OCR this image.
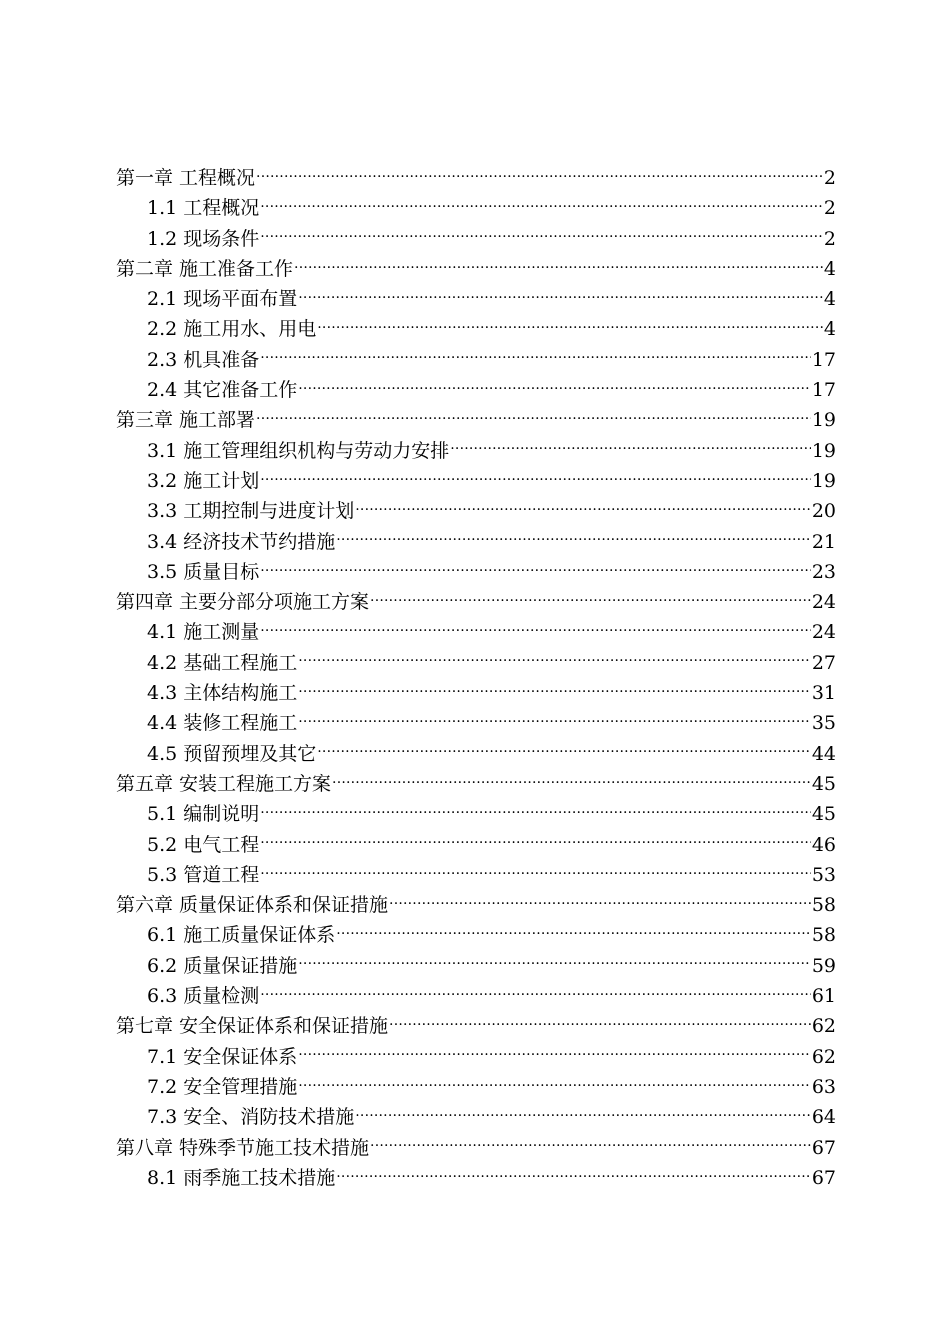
第一章 工程概况 .....	2
1.1 工程概况 .....	2
1.2 现场条件 .....	2
第二章 施工准备工作 .....	4
2.1 现场平面布置 .....	4
2.2 施工用水、用电 .....	4
2.3 机具准备 .....	17
2.4 其它准备工作 .....	17
第三章 施工部署 .....	19
3.1 施工管理组织机构与劳动力安排 .....	19
3.2 施工计划 .....	19
3.3 工期控制与进度计划 .....	20
3.4 经济技术节约措施 .....	21
3.5 质量目标 .....	23
第四章 主要分部分项施工方案 .....	24
4.1 施工测量 .....	24
4.2 基础工程施工 .....	27
4.3 主体结构施工 .....	31
4.4 装修工程施工 .....	35
4.5 预留预埋及其它 .....	44
第五章 安装工程施工方案 .....	45
5.1 编制说明 .....	45
5.2 电气工程 .....	46
5.3 管道工程 .....	53
第六章 质量保证体系和保证措施 .....	58
6.1 施工质量保证体系 .....	58
6.2 质量保证措施 .....	59
6.3 质量检测 .....	61
第七章 安全保证体系和保证措施 .....	62
7.1 安全保证体系 .....	62
7.2 安全管理措施 .....	63
7.3 安全、消防技术措施 .....	64
第八章 特殊季节施工技术措施 .....	67
8.1 雨季施工技术措施 .....	67
